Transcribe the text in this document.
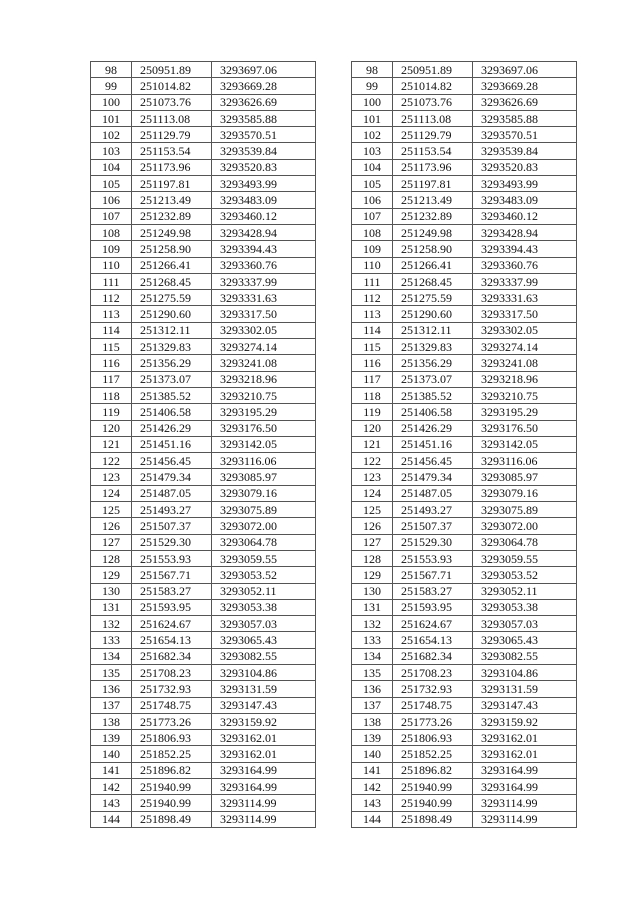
98	250951.89	3293697.06
99	251014.82	3293669.28
100	251073.76	3293626.69
101	251113.08	3293585.88
102	251129.79	3293570.51
103	251153.54	3293539.84
104	251173.96	3293520.83
105	251197.81	3293493.99
106	251213.49	3293483.09
107	251232.89	3293460.12
108	251249.98	3293428.94
109	251258.90	3293394.43
110	251266.41	3293360.76
111	251268.45	3293337.99
112	251275.59	3293331.63
113	251290.60	3293317.50
114	251312.11	3293302.05
115	251329.83	3293274.14
116	251356.29	3293241.08
117	251373.07	3293218.96
118	251385.52	3293210.75
119	251406.58	3293195.29
120	251426.29	3293176.50
121	251451.16	3293142.05
122	251456.45	3293116.06
123	251479.34	3293085.97
124	251487.05	3293079.16
125	251493.27	3293075.89
126	251507.37	3293072.00
127	251529.30	3293064.78
128	251553.93	3293059.55
129	251567.71	3293053.52
130	251583.27	3293052.11
131	251593.95	3293053.38
132	251624.67	3293057.03
133	251654.13	3293065.43
134	251682.34	3293082.55
135	251708.23	3293104.86
136	251732.93	3293131.59
137	251748.75	3293147.43
138	251773.26	3293159.92
139	251806.93	3293162.01
140	251852.25	3293162.01
141	251896.82	3293164.99
142	251940.99	3293164.99
143	251940.99	3293114.99
144	251898.49	3293114.99
98	250951.89	3293697.06
99	251014.82	3293669.28
100	251073.76	3293626.69
101	251113.08	3293585.88
102	251129.79	3293570.51
103	251153.54	3293539.84
104	251173.96	3293520.83
105	251197.81	3293493.99
106	251213.49	3293483.09
107	251232.89	3293460.12
108	251249.98	3293428.94
109	251258.90	3293394.43
110	251266.41	3293360.76
111	251268.45	3293337.99
112	251275.59	3293331.63
113	251290.60	3293317.50
114	251312.11	3293302.05
115	251329.83	3293274.14
116	251356.29	3293241.08
117	251373.07	3293218.96
118	251385.52	3293210.75
119	251406.58	3293195.29
120	251426.29	3293176.50
121	251451.16	3293142.05
122	251456.45	3293116.06
123	251479.34	3293085.97
124	251487.05	3293079.16
125	251493.27	3293075.89
126	251507.37	3293072.00
127	251529.30	3293064.78
128	251553.93	3293059.55
129	251567.71	3293053.52
130	251583.27	3293052.11
131	251593.95	3293053.38
132	251624.67	3293057.03
133	251654.13	3293065.43
134	251682.34	3293082.55
135	251708.23	3293104.86
136	251732.93	3293131.59
137	251748.75	3293147.43
138	251773.26	3293159.92
139	251806.93	3293162.01
140	251852.25	3293162.01
141	251896.82	3293164.99
142	251940.99	3293164.99
143	251940.99	3293114.99
144	251898.49	3293114.99
